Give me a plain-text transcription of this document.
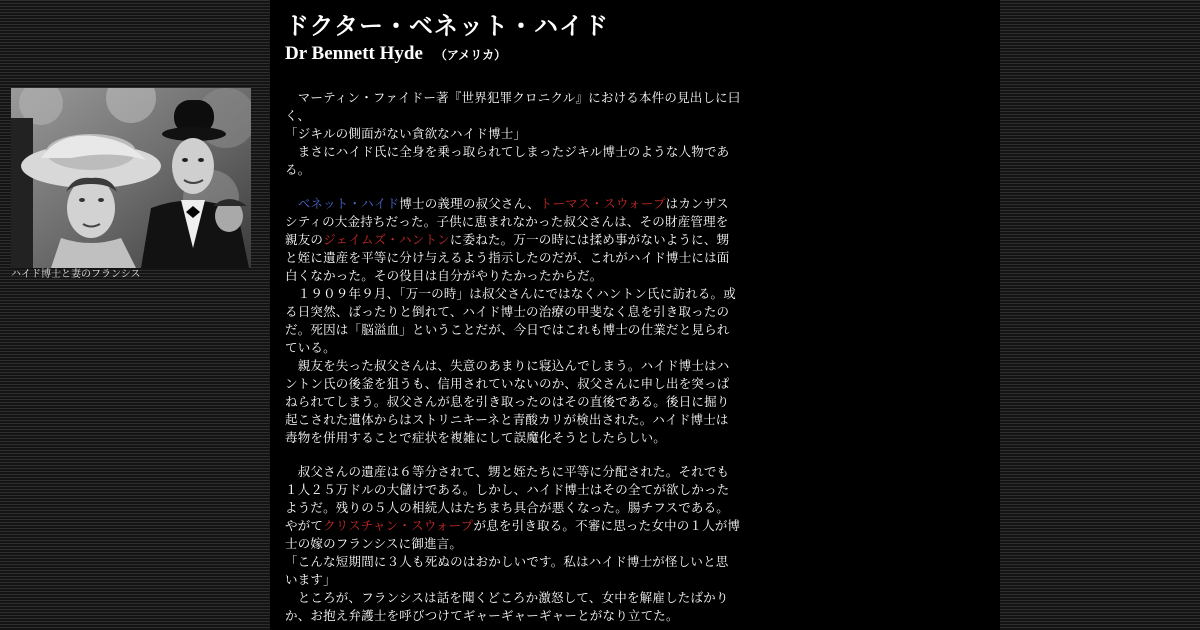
ハイド博士と妻のフランシス
ドクター・ベネット・ハイド
Dr Bennett Hyde （アメリカ）

　マーティン・ファイドー著『世界犯罪クロニクル』における本件の見出しに曰く、

「ジキルの側面がない貪欲なハイド博士」

　まさにハイド氏に全身を乗っ取られてしまったジキル博士のような人物である。

　ベネット・ハイド博士の義理の叔父さん、トーマス・スウォープはカンザスシティの大金持ちだった。子供に恵まれなかった叔父さんは、その財産管理を親友のジェイムズ・ハントンに委ねた。万一の時には揉め事がないように、甥と姪に遺産を平等に分け与えるよう指示したのだが、これがハイド博士には面白くなかった。その役目は自分がやりたかったからだ。

　１９０９年９月、「万一の時」は叔父さんにではなくハントン氏に訪れる。或る日突然、ばったりと倒れて、ハイド博士の治療の甲斐なく息を引き取ったのだ。死因は「脳溢血」ということだが、今日ではこれも博士の仕業だと見られている。

　親友を失った叔父さんは、失意のあまりに寝込んでしまう。ハイド博士はハントン氏の後釜を狙うも、信用されていないのか、叔父さんに申し出を突っぱねられてしまう。叔父さんが息を引き取ったのはその直後である。後日に掘り起こされた遺体からはストリニキーネと青酸カリが検出された。ハイド博士は毒物を併用することで症状を複雑にして誤魔化そうとしたらしい。

　叔父さんの遺産は６等分されて、甥と姪たちに平等に分配された。それでも１人２５万ドルの大儲けである。しかし、ハイド博士はその全てが欲しかったようだ。残りの５人の相続人はたちまち具合が悪くなった。腸チフスである。やがてクリスチャン・スウォープが息を引き取る。不審に思った女中の１人が博士の嫁のフランシスに御進言。

「こんな短期間に３人も死ぬのはおかしいです。私はハイド博士が怪しいと思います」

　ところが、フランシスは話を聞くどころか激怒して、女中を解雇したばかりか、お抱え弁護士を呼びつけてギャーギャーギャーとがなり立てた。
